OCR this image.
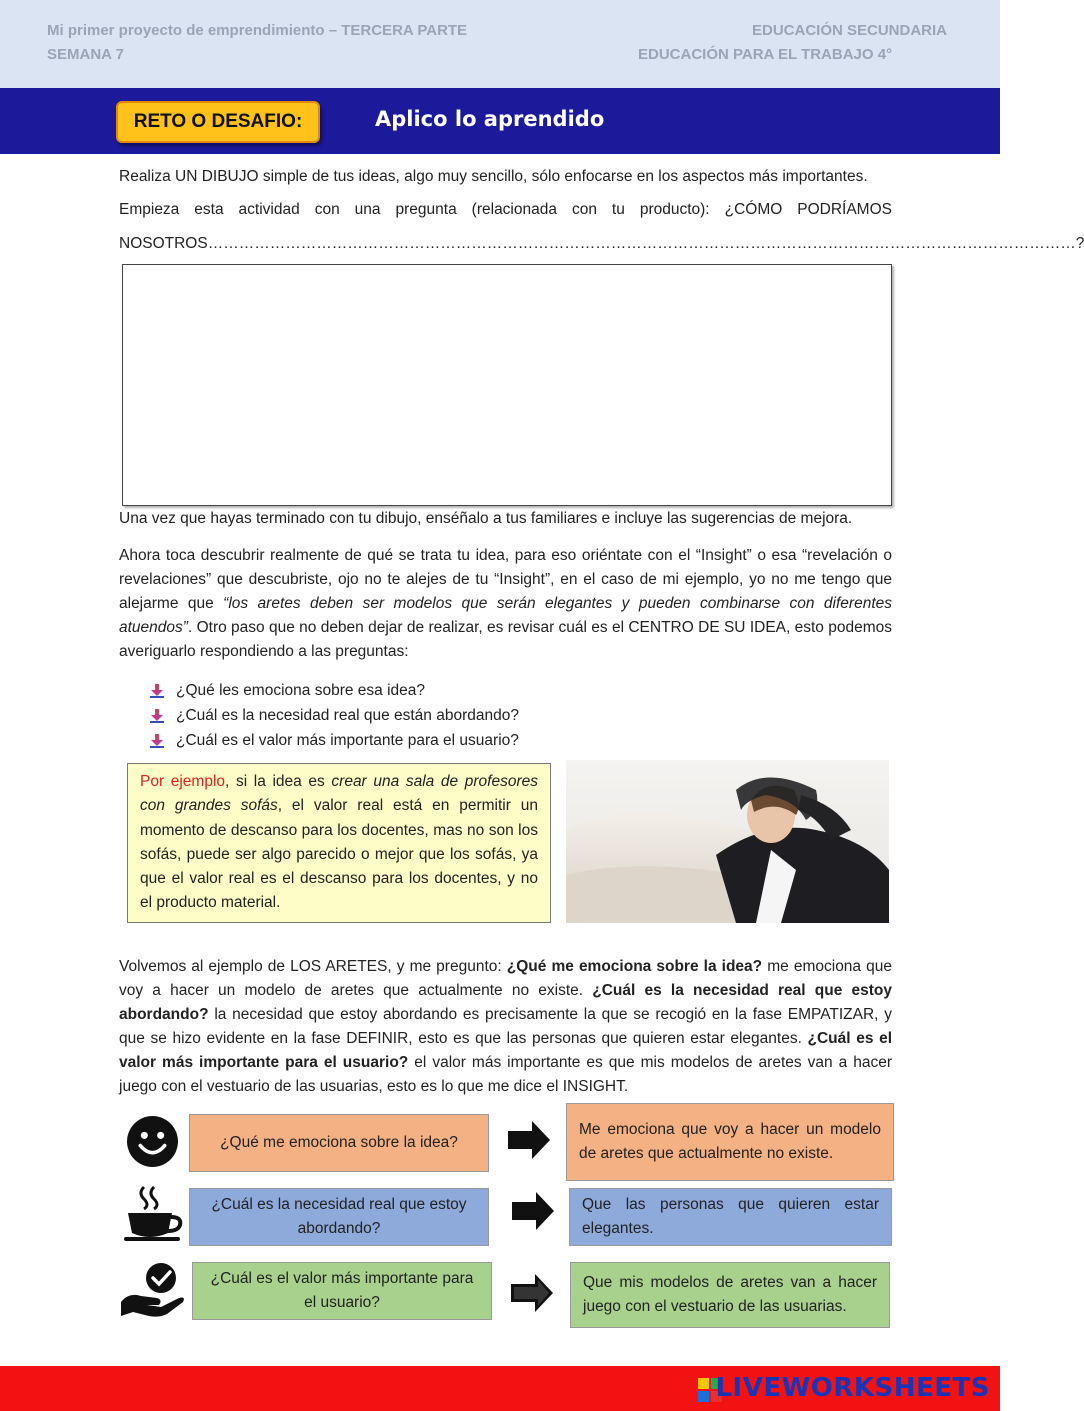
Mi primer proyecto de emprendimiento – TERCERA PARTE
SEMANA 7
EDUCACIÓN SECUNDARIA
EDUCACIÓN PARA EL TRABAJO 4°
RETO O DESAFIO:	Aplico lo aprendido
Realiza UN DIBUJO simple de tus ideas, algo muy sencillo, sólo enfocarse en los aspectos más importantes.
Empieza esta actividad con una pregunta (relacionada con tu producto): ¿CÓMO PODRÍAMOS
NOSOTROS……………………………………………………………………………………………………………………………………………………?
Una vez que hayas terminado con tu dibujo, enséñalo a tus familiares e incluye las sugerencias de mejora.
Ahora toca descubrir realmente de qué se trata tu idea, para eso oriéntate con el “Insight” o esa “revelación o revelaciones” que descubriste, ojo no te alejes de tu “Insight”, en el caso de mi ejemplo, yo no me tengo que alejarme que “los aretes deben ser modelos que serán elegantes y pueden combinarse con diferentes atuendos”. Otro paso que no deben dejar de realizar, es revisar cuál es el CENTRO DE SU IDEA, esto podemos averiguarlo respondiendo a las preguntas:
¿Qué les emociona sobre esa idea?
¿Cuál es la necesidad real que están abordando?
¿Cuál es el valor más importante para el usuario?
Por ejemplo, si la idea es crear una sala de profesores con grandes sofás, el valor real está en permitir un momento de descanso para los docentes, mas no son los sofás, puede ser algo parecido o mejor que los sofás, ya que el valor real es el descanso para los docentes, y no el producto material.
Volvemos al ejemplo de LOS ARETES, y me pregunto: ¿Qué me emociona sobre la idea? me emociona que voy a hacer un modelo de aretes que actualmente no existe. ¿Cuál es la necesidad real que estoy abordando? la necesidad que estoy abordando es precisamente la que se recogió en la fase EMPATIZAR, y que se hizo evidente en la fase DEFINIR, esto es que las personas que quieren estar elegantes. ¿Cuál es el valor más importante para el usuario? el valor más importante es que mis modelos de aretes van a hacer juego con el vestuario de las usuarias, esto es lo que me dice el INSIGHT.
¿Qué me emociona sobre la idea?
Me emociona que voy a hacer un modelo de aretes que actualmente no existe.
¿Cuál es la necesidad real que estoy abordando?
Que las personas que quieren estar elegantes.
¿Cuál es el valor más importante para el usuario?
Que mis modelos de aretes van a hacer juego con el vestuario de las usuarias.
LIVEWORKSHEETS
